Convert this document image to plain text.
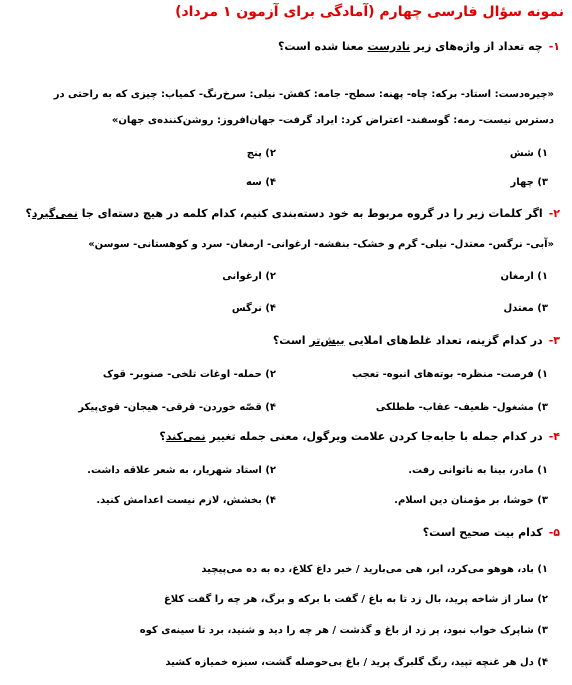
نمونه سؤال فارسی چهارم (آمادگی برای آزمون ۱ مرداد)
۱-چه تعداد از واژه‌های زیر نادرست معنا شده است؟
«چیره‌دست: استاد- برکه: چاه- پهنه: سطح- جامه: کفش- نیلی: سرخ‌رنگ- کمیاب: چیزی که به راحتی در
دسترس نیست- رمه: گوسفند- اعتراض کرد: ایراد گرفت- جهان‌افروز: روشن‌کننده‌ی جهان»
۱) شش
۲) پنج
۳) چهار
۴) سه
۲-اگر کلمات زیر را در گروه مربوط به خود دسته‌بندی کنیم، کدام کلمه در هیچ دسته‌ای جا نمی‌گیرد؟
«آبی- نرگس- معتدل- نیلی- گرم و خشک- بنفشه- ارغوانی- ارمغان- سرد و کوهستانی- سوسن»
۱) ارمغان
۲) ارغوانی
۳) معتدل
۴) نرگس
۳-در کدام گزینه، تعداد غلط‌های املایی بیش‌تر است؟
۱) فرصت- منظره- بوته‌های انبوه- تعجب
۲) حمله- اوغات تلخی- صنوبر- قوک
۳) مشغول- ظعیف- عقاب- ططلکی
۴) قصّه خوردن- قرقی- هیجان- قوی‌پیکر
۴-در کدام جمله با جابه‌جا کردن علامت ویرگول، معنی جمله تغییر نمی‌کند؟
۱) مادر، بینا به ناتوانی رفت.
۲) استاد شهریار، به شعر علاقه داشت.
۳) خوشا، بر مؤمنان دین اسلام.
۴) بخشش، لازم نیست اعدامش کنید.
۵-کدام بیت صحیح است؟
۱) باد، هوهو می‌کرد، ابر، هی می‌بارید / خبر داغ کلاغ، ده به ده می‌پیچید
۲) سار از شاخه پرید، بال زد تا به باغ / گفت با برکه و برگ، هر چه را گفت کلاغ
۳) شاپرک خواب نبود، پر زد از باغ و گذشت / هر چه را دید و شنید، برد تا سینه‌ی کوه
۴) دل هر غنچه تپید، رنگ گلبرگ پرید / باغ بی‌حوصله گشت، سبزه خمیازه کشید
